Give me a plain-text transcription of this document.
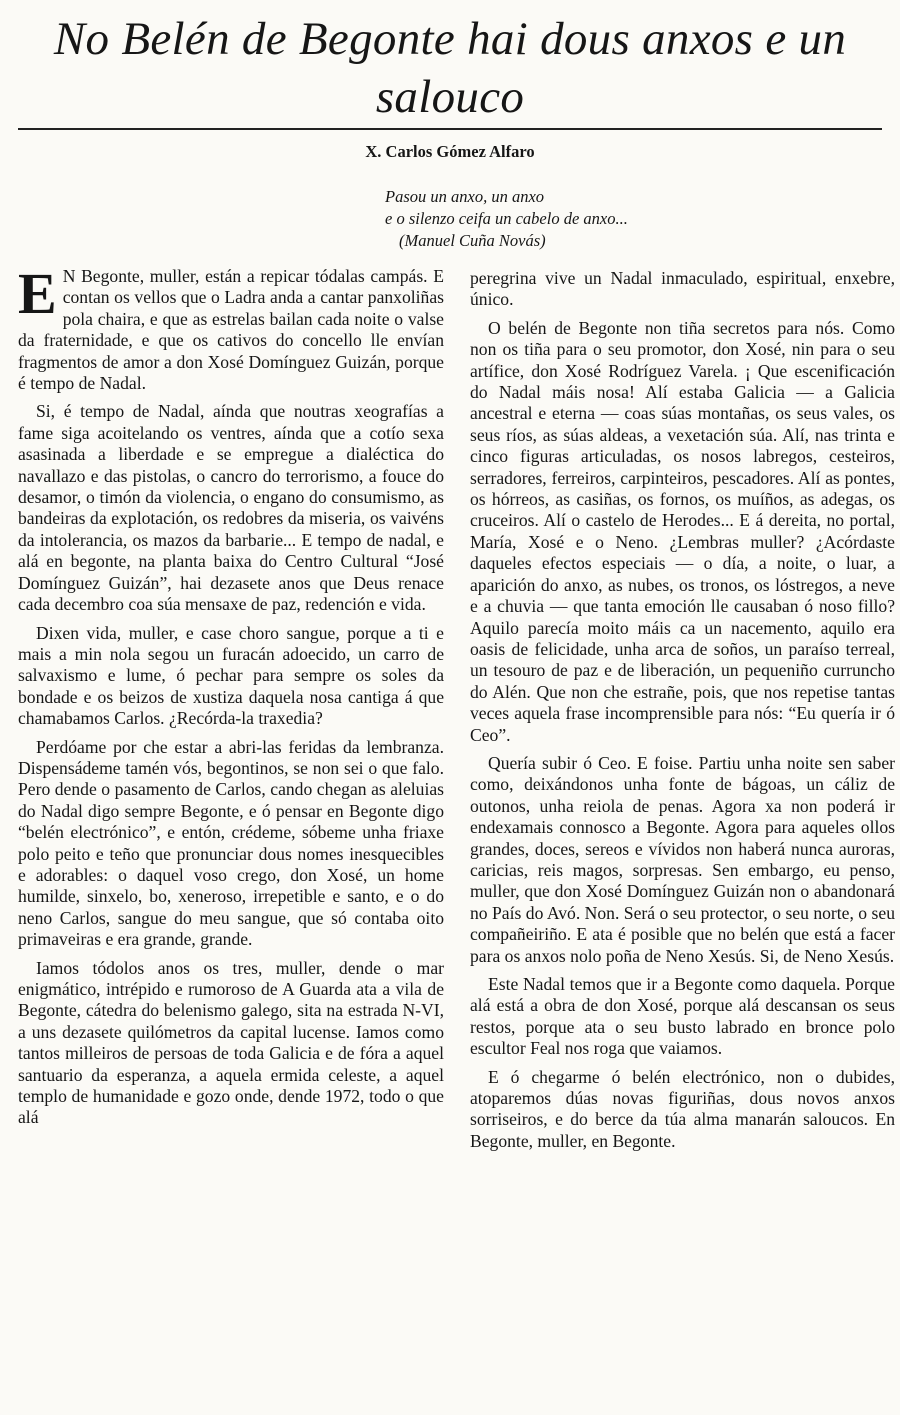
No Belén de Begonte hai dous anxos e un salouco
X. Carlos Gómez Alfaro
Pasou un anxo, un anxo
e o silenzo ceifa un cabelo de anxo...
(Manuel Cuña Novás)

E N Begonte, muller, están a repicar tódalas campás. E contan os vellos que o Ladra anda a cantar panxoliñas pola chaira, e que as estrelas bailan cada noite o valse da fraternidade, e que os cativos do concello lle envían fragmentos de amor a don Xosé Domínguez Guizán, porque é tempo de Nadal.

Si, é tempo de Nadal, aínda que noutras xeografías a fame siga acoitelando os ventres, aínda que a cotío sexa asasinada a liberdade e se empregue a dialéctica do navallazo e das pistolas, o cancro do terrorismo, a fouce do desamor, o timón da violencia, o engano do consumismo, as bandeiras da explotación, os redobres da miseria, os vaivéns da intolerancia, os mazos da barbarie... E tempo de nadal, e alá en begonte, na planta baixa do Centro Cultural “José Domínguez Guizán”, hai dezasete anos que Deus renace cada decembro coa súa mensaxe de paz, redención e vida.

Dixen vida, muller, e case choro sangue, porque a ti e mais a min nola segou un furacán adoecido, un carro de salvaxismo e lume, ó pechar para sempre os soles da bondade e os beizos de xustiza daquela nosa cantiga á que chamabamos Carlos. ¿Recórda-la traxedia?

Perdóame por che estar a abri-las feridas da lembranza. Dispensádeme tamén vós, begontinos, se non sei o que falo. Pero dende o pasamento de Carlos, cando chegan as aleluias do Nadal digo sempre Begonte, e ó pensar en Begonte digo “belén electrónico”, e entón, crédeme, sóbeme unha friaxe polo peito e teño que pronunciar dous nomes inesquecibles e adorables: o daquel voso crego, don Xosé, un home humilde, sinxelo, bo, xeneroso, irrepetible e santo, e o do neno Carlos, sangue do meu sangue, que só contaba oito primaveiras e era grande, grande.

Iamos tódolos anos os tres, muller, dende o mar enigmático, intrépido e rumoroso de A Guarda ata a vila de Begonte, cátedra do belenismo galego, sita na estrada N-VI, a uns dezasete quilómetros da capital lucense. Iamos como tantos milleiros de persoas de toda Galicia e de fóra a aquel santuario da esperanza, a aquela ermida celeste, a aquel templo de humanidade e gozo onde, dende 1972, todo o que alá

peregrina vive un Nadal inmaculado, espiritual, enxebre, único.

O belén de Begonte non tiña secretos para nós. Como non os tiña para o seu promotor, don Xosé, nin para o seu artífice, don Xosé Rodríguez Varela. ¡ Que escenificación do Nadal máis nosa! Alí estaba Galicia — a Galicia ancestral e eterna — coas súas montañas, os seus vales, os seus ríos, as súas aldeas, a vexetación súa. Alí, nas trinta e cinco figuras articuladas, os nosos labregos, cesteiros, serradores, ferreiros, carpinteiros, pescadores. Alí as pontes, os hórreos, as casiñas, os fornos, os muíños, as adegas, os cruceiros. Alí o castelo de Herodes... E á dereita, no portal, María, Xosé e o Neno. ¿Lembras muller? ¿Acórdaste daqueles efectos especiais — o día, a noite, o luar, a aparición do anxo, as nubes, os tronos, os lóstregos, a neve e a chuvia — que tanta emoción lle causaban ó noso fillo? Aquilo parecía moito máis ca un nacemento, aquilo era oasis de felicidade, unha arca de soños, un paraíso terreal, un tesouro de paz e de liberación, un pequeniño curruncho do Alén. Que non che estrañe, pois, que nos repetise tantas veces aquela frase incomprensible para nós: “Eu quería ir ó Ceo”.

Quería subir ó Ceo. E foise. Partiu unha noite sen saber como, deixándonos unha fonte de bágoas, un cáliz de outonos, unha reiola de penas. Agora xa non poderá ir endexamais connosco a Begonte. Agora para aqueles ollos grandes, doces, sereos e vívidos non haberá nunca auroras, caricias, reis magos, sorpresas. Sen embargo, eu penso, muller, que don Xosé Domínguez Guizán non o abandonará no País do Avó. Non. Será o seu protector, o seu norte, o seu compañeiriño. E ata é posible que no belén que está a facer para os anxos nolo poña de Neno Xesús. Si, de Neno Xesús.

Este Nadal temos que ir a Begonte como daquela. Porque alá está a obra de don Xosé, porque alá descansan os seus restos, porque ata o seu busto labrado en bronce polo escultor Feal nos roga que vaiamos.

E ó chegarme ó belén electrónico, non o dubides, atoparemos dúas novas figuriñas, dous novos anxos sorriseiros, e do berce da túa alma manarán saloucos. En Begonte, muller, en Begonte.
